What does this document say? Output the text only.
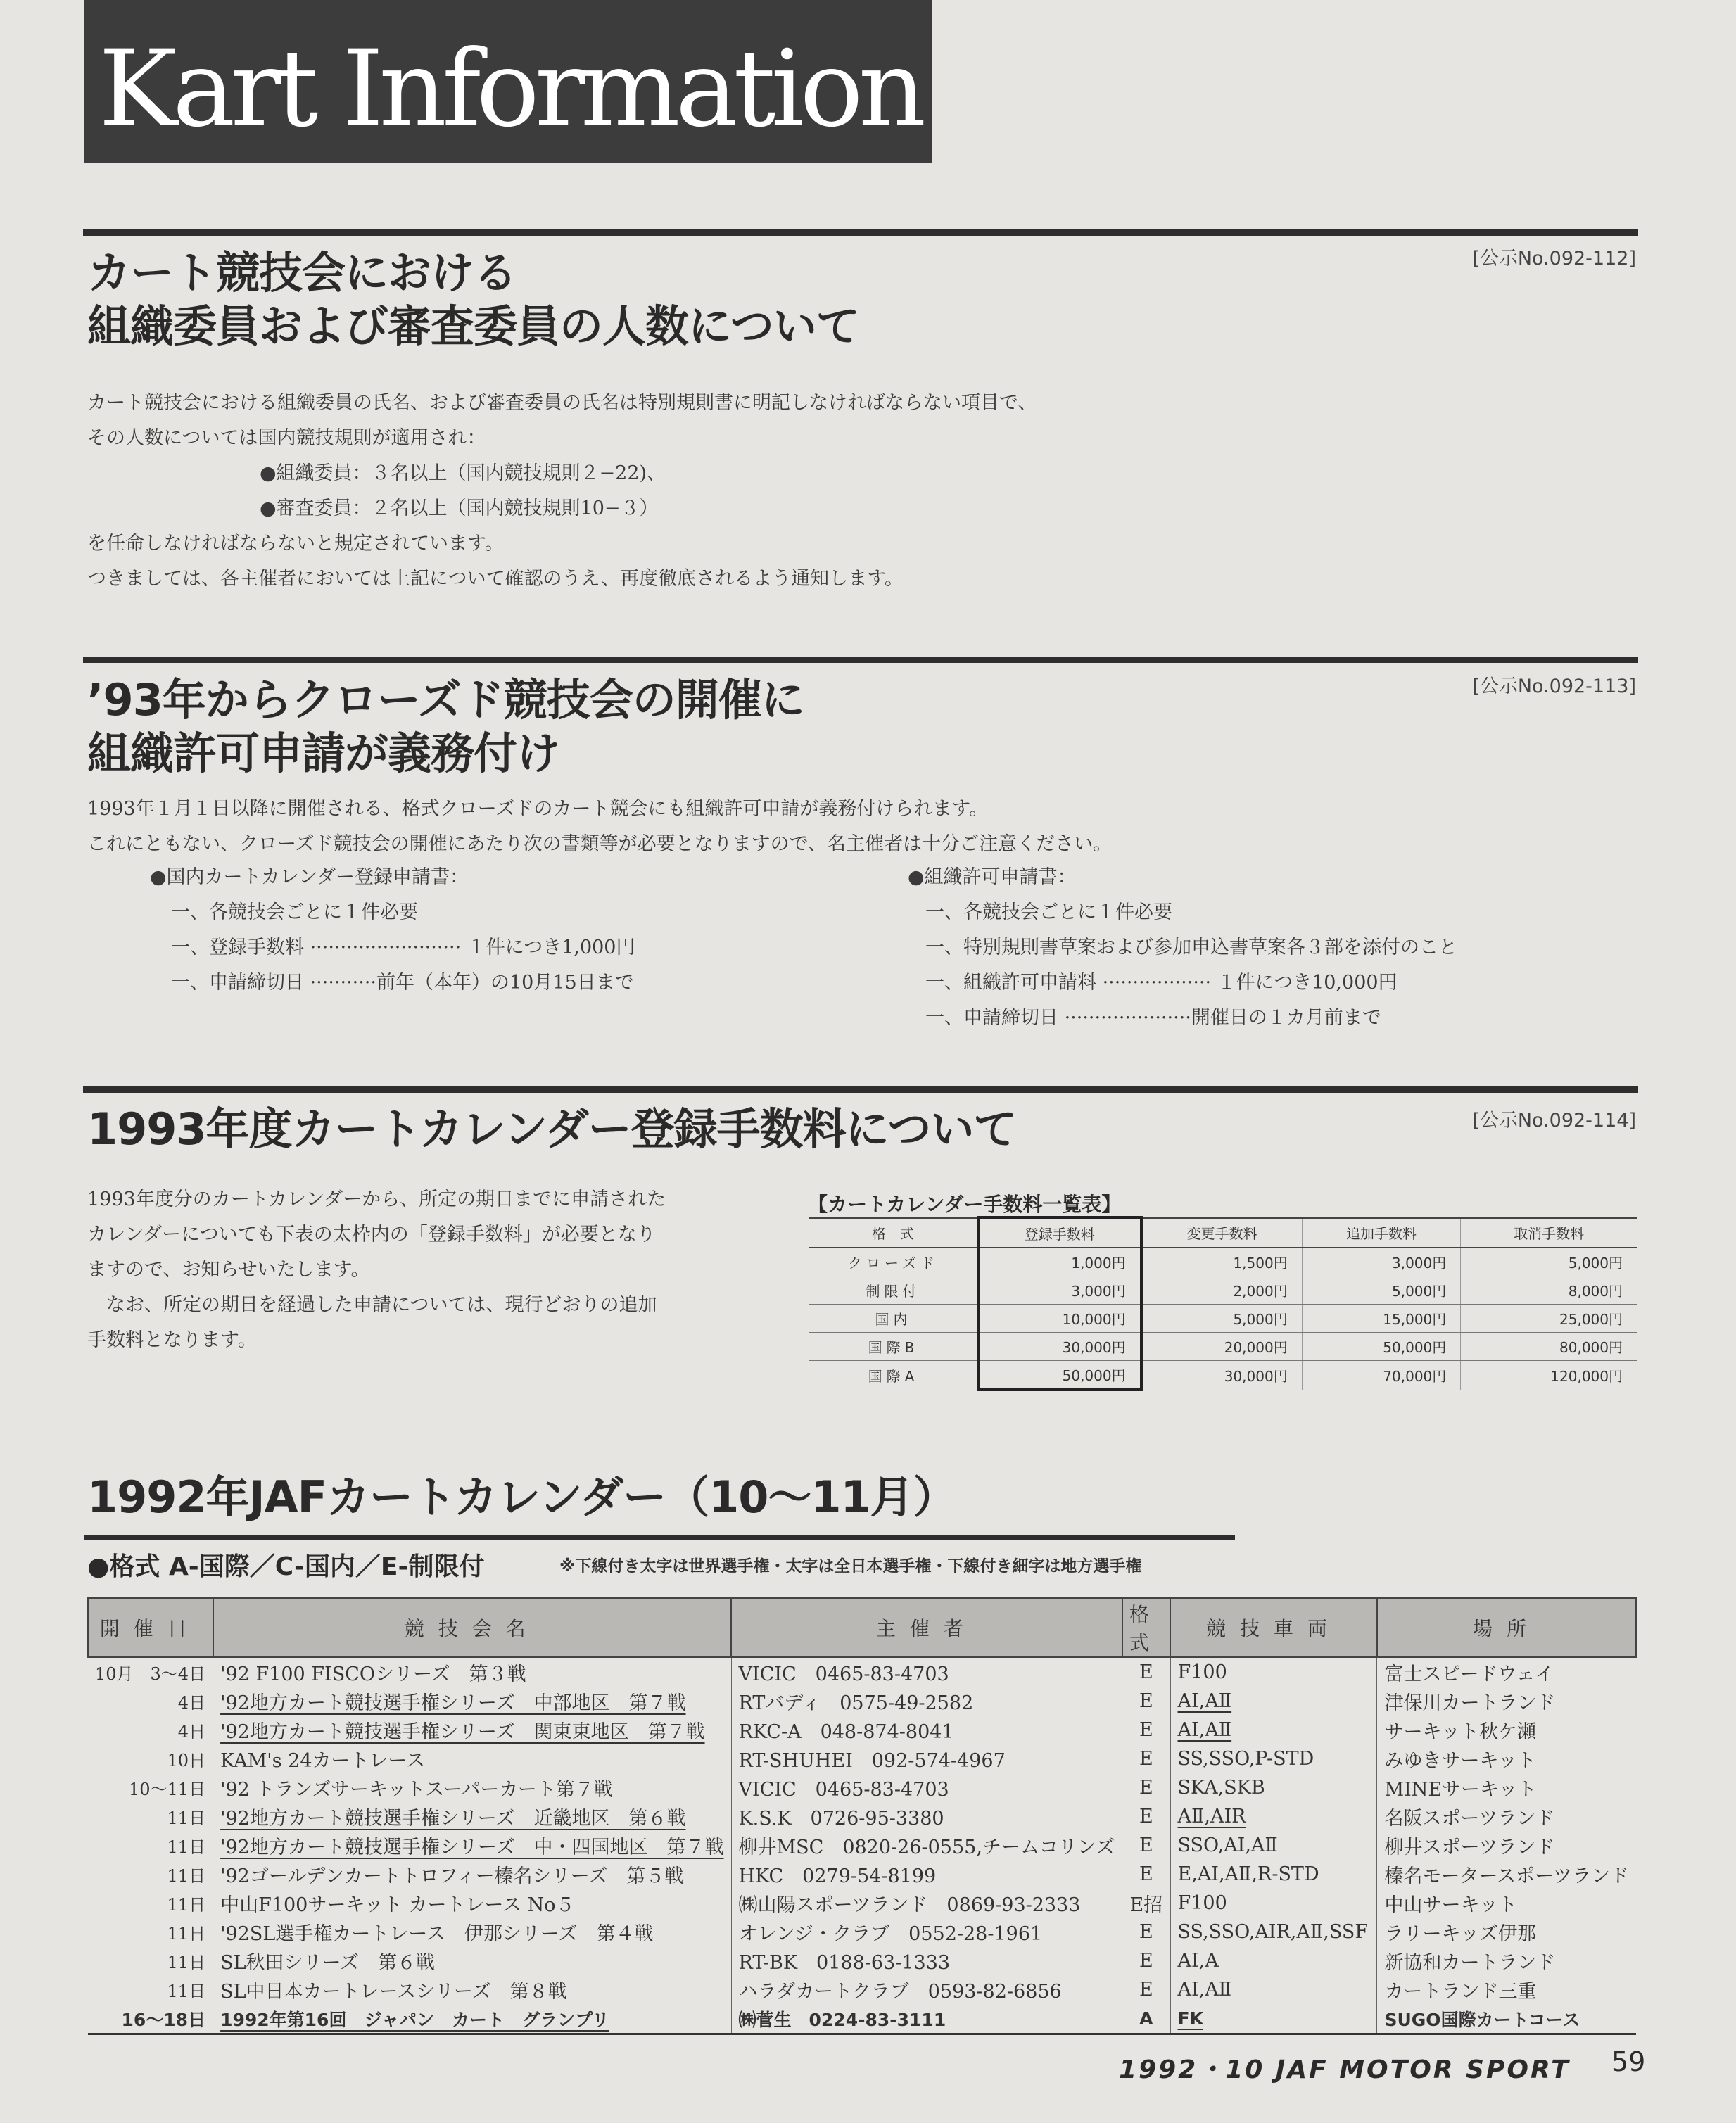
Kart Information
[公示No.092-112]
カート競技会における
組織委員および審査委員の人数について
カート競技会における組織委員の氏名、および審査委員の氏名は特別規則書に明記しなければならない項目で、
その人数については国内競技規則が適用され：
●組織委員：３名以上（国内競技規則２−22)、
●審査委員：２名以上（国内競技規則10−３）
を任命しなければならないと規定されています。
つきましては、各主催者においては上記について確認のうえ、再度徹底されるよう通知します。
[公示No.092-113]
’93年からクローズド競技会の開催に
組織許可申請が義務付け
1993年１月１日以降に開催される、格式クローズドのカート競会にも組織許可申請が義務付けられます。
これにともない、クローズド競技会の開催にあたり次の書類等が必要となりますので、名主催者は十分ご注意ください。
●国内カートカレンダー登録申請書：
一、各競技会ごとに１件必要
一、登録手数料 ························· １件につき1,000円
一、申請締切日 ···········前年（本年）の10月15日まで
●組織許可申請書：
一、各競技会ごとに１件必要
一、特別規則書草案および参加申込書草案各３部を添付のこと
一、組織許可申請料 ·················· １件につき10,000円
一、申請締切日 ·····················開催日の１カ月前まで
[公示No.092-114]
1993年度カートカレンダー登録手数料について
1993年度分のカートカレンダーから、所定の期日までに申請された
カレンダーについても下表の太枠内の「登録手数料」が必要となり
ますので、お知らせいたします。
　なお、所定の期日を経過した申請については、現行どおりの追加
手数料となります。
【カートカレンダー手数料一覧表】
格　式	登録手数料	変更手数料	追加手数料	取消手数料
クローズド	1,000円	1,500円	3,000円	5,000円
制限付	3,000円	2,000円	5,000円	8,000円
国内	10,000円	5,000円	15,000円	25,000円
国際B	30,000円	20,000円	50,000円	80,000円
国際A	50,000円	30,000円	70,000円	120,000円
1992年JAFカートカレンダー（10〜11月）
●格式 A-国際／C-国内／E-制限付	※下線付き太字は世界選手権・太字は全日本選手権・下線付き細字は地方選手権
開催日	競技会名	主催者	格式	競技車両	場所
10月　3〜4日	'92 F100 FISCOシリーズ　第３戦	VICIC　0465-83-4703	E	F100	富士スピードウェイ
4日	'92地方カート競技選手権シリーズ　中部地区　第７戦	RTバディ　0575-49-2582	E	AⅠ,AⅡ	津保川カートランド
4日	'92地方カート競技選手権シリーズ　関東東地区　第７戦	RKC-A　048-874-8041	E	AⅠ,AⅡ	サーキット秋ケ瀬
10日	KAM's 24カートレース	RT-SHUHEI　092-574-4967	E	SS,SSO,P-STD	みゆきサーキット
10〜11日	'92 トランズサーキットスーパーカート第７戦	VICIC　0465-83-4703	E	SKA,SKB	MINEサーキット
11日	'92地方カート競技選手権シリーズ　近畿地区　第６戦	K.S.K　0726-95-3380	E	AⅡ,AⅠR	名阪スポーツランド
11日	'92地方カート競技選手権シリーズ　中・四国地区　第７戦	柳井MSC　0820-26-0555,チームコリンズ	E	SSO,AⅠ,AⅡ	柳井スポーツランド
11日	'92ゴールデンカートトロフィー榛名シリーズ　第５戦	HKC　0279-54-8199	E	E,AⅠ,AⅡ,R-STD	榛名モータースポーツランド
11日	中山F100サーキット カートレース No５	㈱山陽スポーツランド　0869-93-2333	E招	F100	中山サーキット
11日	'92SL選手権カートレース　伊那シリーズ　第４戦	オレンジ・クラブ　0552-28-1961	E	SS,SSO,AⅠR,AⅡ,SSF	ラリーキッズ伊那
11日	SL秋田シリーズ　第６戦	RT-BK　0188-63-1333	E	AⅠ,A	新協和カートランド
11日	SL中日本カートレースシリーズ　第８戦	ハラダカートクラブ　0593-82-6856	E	AⅠ,AⅡ	カートランド三重
16〜18日	1992年第16回　ジャパン　カート　グランプリ	㈱菅生　0224-83-3111	A	FK	SUGO国際カートコース
1992・10 JAF MOTOR SPORT 59
